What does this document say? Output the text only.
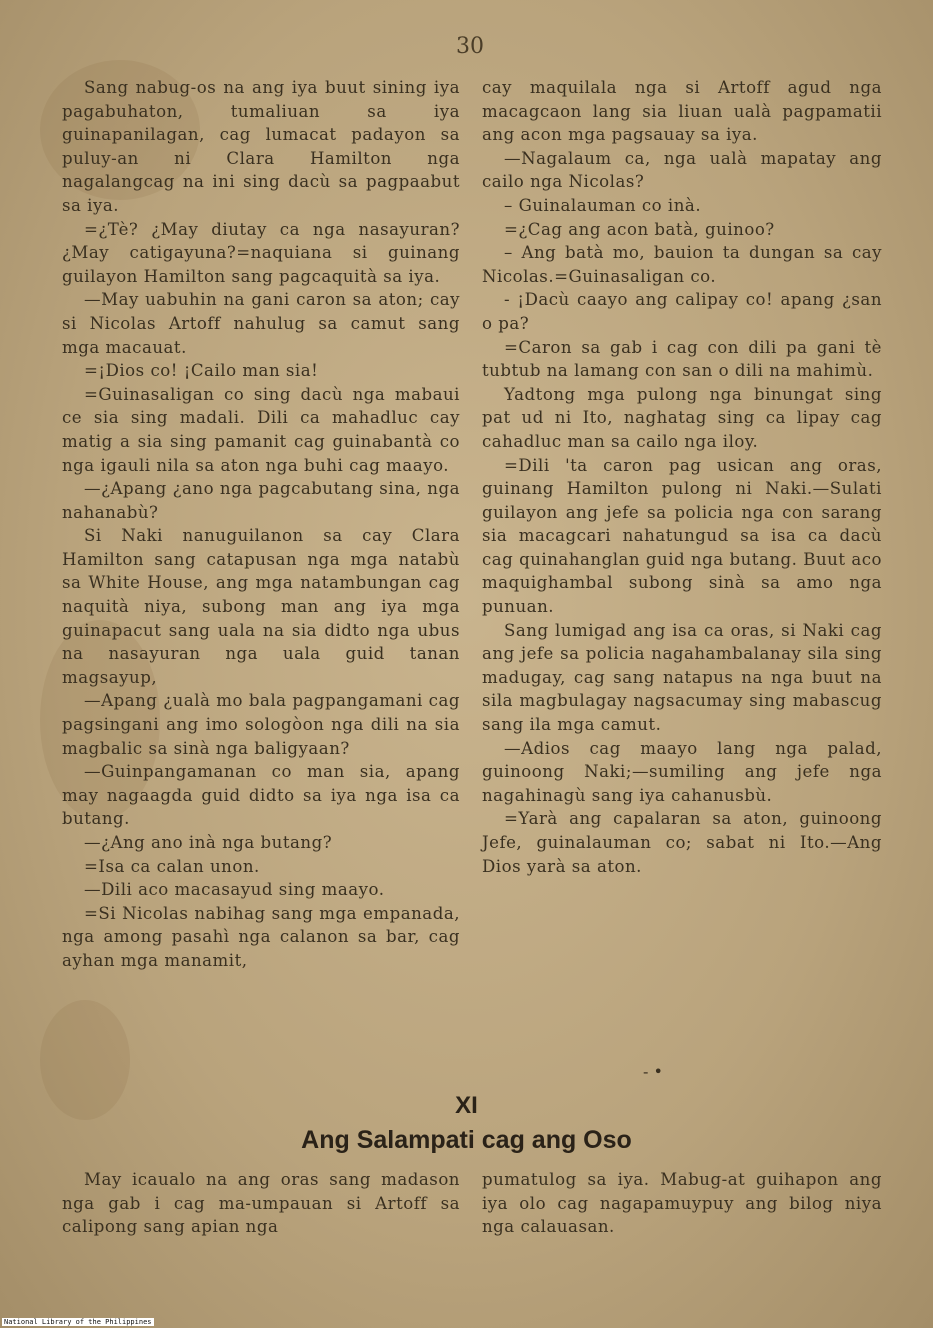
30

Sang nabug-os na ang iya buut sining iya pagabuhaton, tumaliuan sa iya guinapanilagan, cag lumacat padayon sa puluy-an ni Clara Hamilton nga nagalangcag na ini sing dacù sa pagpaabut sa iya.

=¿Tè? ¿May diutay ca nga nasayuran? ¿May catigayuna?=naquiana si guinang guilayon Hamilton sang pagcaquità sa iya.

—May uabuhin na gani caron sa aton; cay si Nicolas Artoff nahulug sa camut sang mga macauat.

=¡Dios co! ¡Cailo man sia!

=Guinasaligan co sing dacù nga mabaui ce sia sing madali. Dili ca mahadluc cay matig a sia sing pamanit cag guinabantà co nga igauli nila sa aton nga buhi cag maayo.

—¿Apang ¿ano nga pagcabutang sina, nga nahanabù?

Si Naki nanuguilanon sa cay Clara Hamilton sang catapusan nga mga natabù sa White House, ang mga natambungan cag naquità niya, subong man ang iya mga guinapacut sang uala na sia didto nga ubus na nasayuran nga uala guid tanan magsayup,

—Apang ¿ualà mo bala pagpangamani cag pagsingani ang imo sologòon nga dili na sia magbalic sa sinà nga baligyaan?

—Guinpangamanan co man sia, apang may nagaagda guid didto sa iya nga isa ca butang.

—¿Ang ano inà nga butang?

=Isa ca calan unon.

—Dili aco macasayud sing maayo.

=Si Nicolas nabihag sang mga empanada, nga among pasahì nga calanon sa bar, cag ayhan mga manamit,

cay maquilala nga si Artoff agud nga macagcaon lang sia liuan ualà pagpamatii ang acon mga pagsauay sa iya.

—Nagalaum ca, nga ualà mapatay ang cailo nga Nicolas?

– Guinalauman co inà.

=¿Cag ang acon batà, guinoo?

– Ang batà mo, bauion ta dungan sa cay Nicolas.=Guinasaligan co.

- ¡Dacù caayo ang calipay co! apang ¿san o pa?

=Caron sa gab i cag con dili pa gani tè tubtub na lamang con san o dili na mahimù.

Yadtong mga pulong nga binungat sing pat ud ni Ito, naghatag sing ca lipay cag cahadluc man sa cailo nga iloy.

=Dili 'ta caron pag usican ang oras, guinang Hamilton pulong ni Naki.—Sulati guilayon ang jefe sa policia nga con sarang sia macagcari nahatungud sa isa ca dacù cag quinahanglan guid nga butang. Buut aco maquighambal subong sinà sa amo nga punuan.

Sang lumigad ang isa ca oras, si Naki cag ang jefe sa policia nagahambalanay sila sing madugay, cag sang natapus na nga buut na sila magbulagay nagsacumay sing mabascug sang ila mga camut.

—Adios cag maayo lang nga palad, guinoong Naki;—sumiling ang jefe nga nagahinagù sang iya cahanusbù.

=Yarà ang capalaran sa aton, guinoong Jefe, guinalauman co; sabat ni Ito.—Ang Dios yarà sa aton.

- •
XI
Ang Salampati cag ang Oso

May icaualo na ang oras sang madason nga gab i cag ma-umpauan si Artoff sa calipong sang apian nga

pumatulog sa iya. Mabug-at guihapon ang iya olo cag nagapamuypuy ang bilog niya nga calauasan.

National Library of the Philippines
